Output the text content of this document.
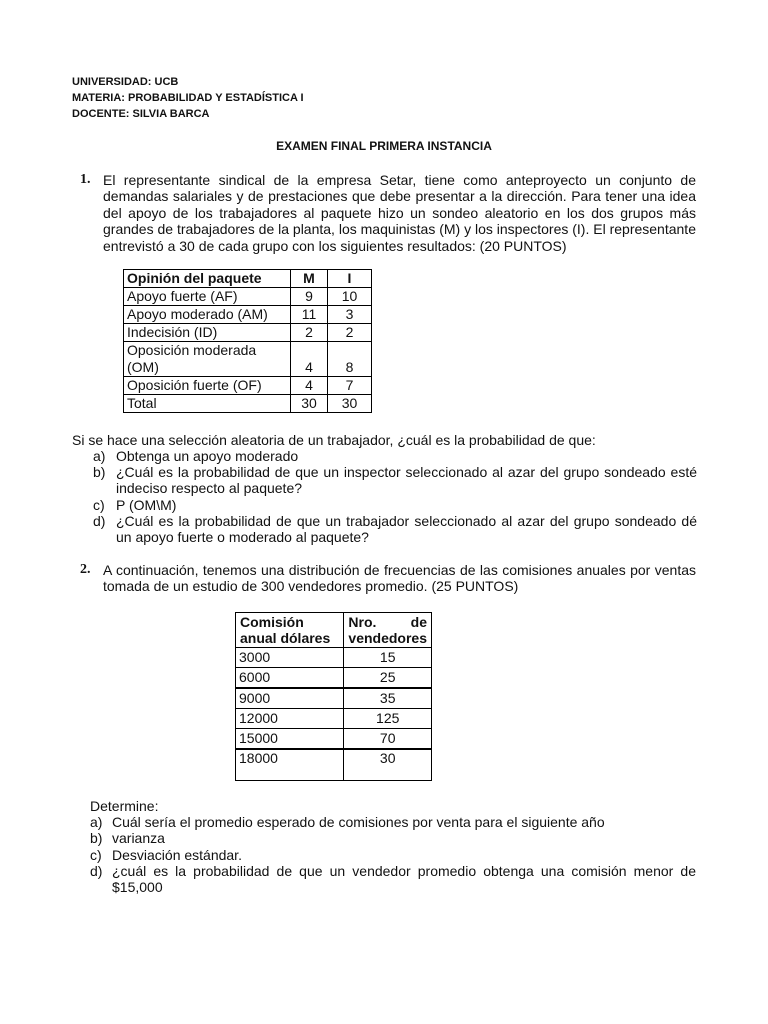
UNIVERSIDAD: UCB
MATERIA: PROBABILIDAD Y ESTADÍSTICA I
DOCENTE: SILVIA BARCA
EXAMEN FINAL PRIMERA INSTANCIA
1. El representante sindical de la empresa Setar, tiene como anteproyecto un conjunto de demandas salariales y de prestaciones que debe presentar a la dirección. Para tener una idea del apoyo de los trabajadores al paquete hizo un sondeo aleatorio en los dos grupos más grandes de trabajadores de la planta, los maquinistas (M) y los inspectores (I). El representante entrevistó a 30 de cada grupo con los siguientes resultados: (20 PUNTOS)
Opinión del paquete	M	I
Apoyo fuerte (AF)	9	10
Apoyo moderado (AM)	11	3
Indecisión (ID)	2	2
Oposición moderada (OM)	4	8
Oposición fuerte (OF)	4	7
Total	30	30
Si se hace una selección aleatoria de un trabajador, ¿cuál es la probabilidad de que:
a) Obtenga un apoyo moderado
b) ¿Cuál es la probabilidad de que un inspector seleccionado al azar del grupo sondeado esté indeciso respecto al paquete?
c) P (OM\M)
d) ¿Cuál es la probabilidad de que un trabajador seleccionado al azar del grupo sondeado dé un apoyo fuerte o moderado al paquete?
2. A continuación, tenemos una distribución de frecuencias de las comisiones anuales por ventas tomada de un estudio de 300 vendedores promedio. (25 PUNTOS)
Comisión anual dólares	Nro. de vendedores
3000	15
6000	25
9000	35
12000	125
15000	70
18000	30
Determine:
a) Cuál sería el promedio esperado de comisiones por venta para el siguiente año
b) varianza
c) Desviación estándar.
d) ¿cuál es la probabilidad de que un vendedor promedio obtenga una comisión menor de $15,000
